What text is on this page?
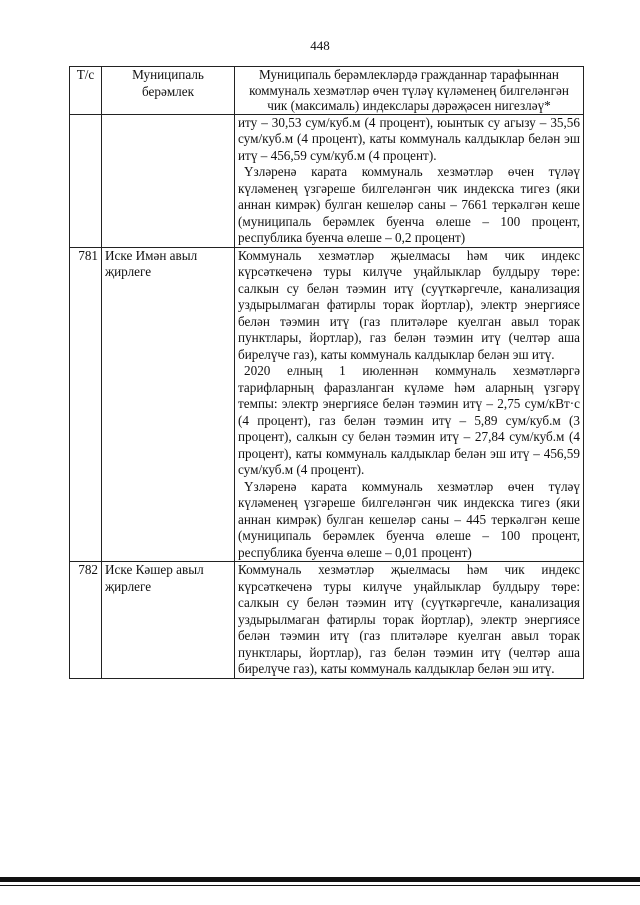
448
Т/с	Муниципаль берәмлек	Муниципаль берәмлекләрдә гражданнар тарафыннан коммуналь хезмәтләр өчен түләү күләменең билгеләнгән чик (максималь) индекслары дәрәҗәсен нигезләү*

		иту – 30,53 сум/куб.м (4 процент), юынтык су агызу – 35,56 сум/куб.м (4 процент), каты коммуналь калдыклар белән эш итү – 456,59 сум/куб.м (4 процент).

Үзләренә карата коммуналь хезмәтләр өчен түләү күләменең үзгәреше билгеләнгән чик индекска тигез (яки аннан кимрәк) булган кешеләр саны – 7661 теркәлгән кеше (муниципаль берәмлек буенча өлеше – 100 процент, республика буенча өлеше – 0,2 процент)

781	Иске Имән авыл җирлеге	Коммуналь хезмәтләр җыелмасы һәм чик индекс күрсәткеченә туры килүче уңайлыклар булдыру төре: салкын су белән тәэмин итү (суүткәргечле, канализация уздырылмаган фатирлы торак йортлар), электр энергиясе белән тәэмин итү (газ плитәләре куелган авыл торак пунктлары, йортлар), газ белән тәэмин итү (челтәр аша бирелүче газ), каты коммуналь калдыклар белән эш итү.

2020 елның 1 июленнән коммуналь хезмәтләргә тарифларның фаразланган күләме һәм аларның үзгәрү темпы: электр энергиясе белән тәэмин итү – 2,75 сум/кВт·с (4 процент), газ белән тәэмин итү – 5,89 сум/куб.м (3 процент), салкын су белән тәэмин итү – 27,84 сум/куб.м (4 процент), каты коммуналь калдыклар белән эш итү – 456,59 сум/куб.м (4 процент).

Үзләренә карата коммуналь хезмәтләр өчен түләү күләменең үзгәреше билгеләнгән чик индекска тигез (яки аннан кимрәк) булган кешеләр саны – 445 теркәлгән кеше (муниципаль берәмлек буенча өлеше – 100 процент, республика буенча өлеше – 0,01 процент)

782	Иске Кәшер авыл җирлеге	Коммуналь хезмәтләр җыелмасы һәм чик индекс күрсәткеченә туры килүче уңайлыклар булдыру төре: салкын су белән тәэмин итү (суүткәргечле, канализация уздырылмаган фатирлы торак йортлар), электр энергиясе белән тәэмин итү (газ плитәләре куелган авыл торак пунктлары, йортлар), газ белән тәэмин итү (челтәр аша бирелүче газ), каты коммуналь калдыклар белән эш итү.
